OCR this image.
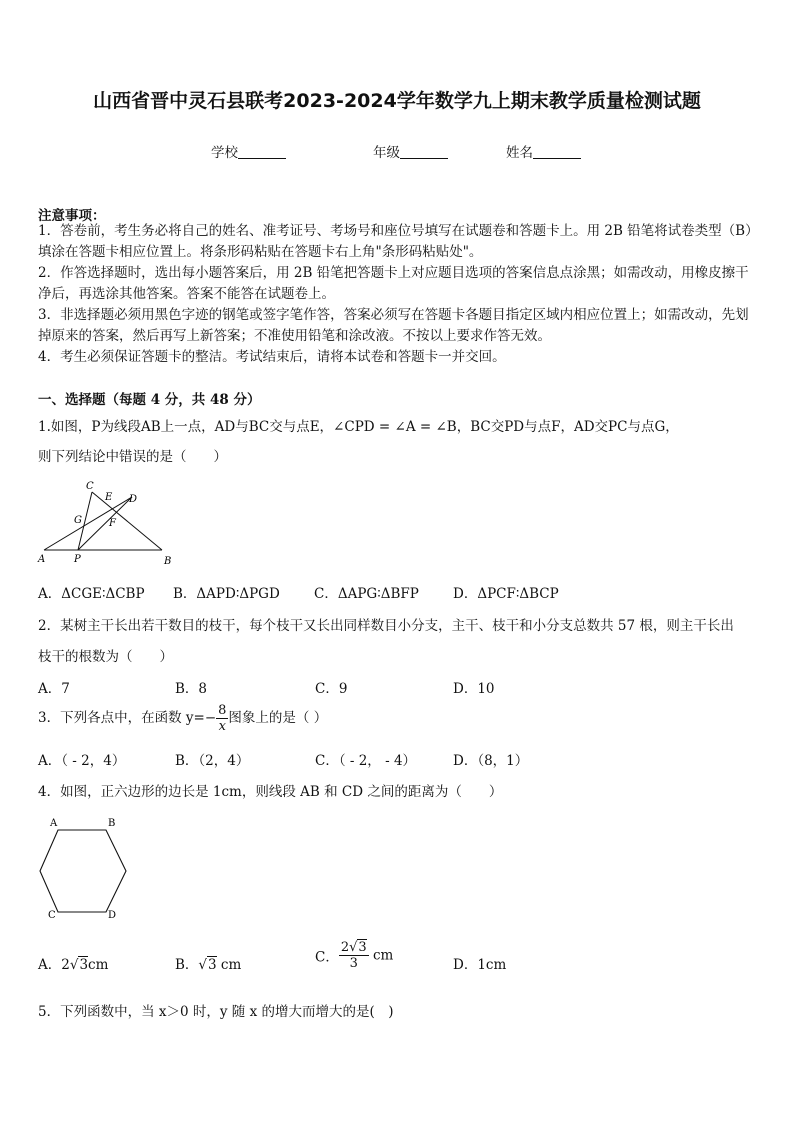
山西省晋中灵石县联考2023-2024学年数学九上期末教学质量检测试题
学校	年级	姓名
注意事项：
1．答卷前，考生务必将自己的姓名、准考证号、考场号和座位号填写在试题卷和答题卡上。用 2B 铅笔将试卷类型（B）填涂在答题卡相应位置上。将条形码粘贴在答题卡右上角"条形码粘贴处"。
2．作答选择题时，选出每小题答案后，用 2B 铅笔把答题卡上对应题目选项的答案信息点涂黑；如需改动，用橡皮擦干净后，再选涂其他答案。答案不能答在试题卷上。
3．非选择题必须用黑色字迹的钢笔或签字笔作答，答案必须写在答题卡各题目指定区域内相应位置上；如需改动，先划掉原来的答案，然后再写上新答案；不准使用铅笔和涂改液。不按以上要求作答无效。
4．考生必须保证答题卡的整洁。考试结束后，请将本试卷和答题卡一并交回。
一、选择题（每题 4 分，共 48 分）
1.如图，P为线段AB上一点，AD与BC交与点E，∠CPD = ∠A = ∠B，BC交PD与点F，AD交PC与点G，
则下列结论中错误的是（　　）
A	B
C
D
E
F
G
P
A．ΔCGE∶ΔCBP B．ΔAPD∶ΔPGD	C．ΔAPG∶ΔBFP	D．ΔPCF∶ΔBCP
2．某树主干长出若干数目的枝干，每个枝干又长出同样数目小分支，主干、枝干和小分支总数共 57 根，则主干长出
枝干的根数为（　　）
A．7	B．8	C．9	D．10
3．下列各点中，在函数 $y=- \frac{8}{x}$ 图象上的是（ ）
A．（ - 2，4）	B．（2，4）	C．（ - 2， - 4）	D．（8，1）
4．如图，正六边形的边长是 1cm，则线段 AB 和 CD 之间的距离为（　　）
A	B
C	D
A．2√3cm	B．√3 cm	C． $\frac{2√3}{3}$ cm
D．1cm
5．下列函数中，当 x＞0 时，y 随 x 的增大而增大的是(　)
